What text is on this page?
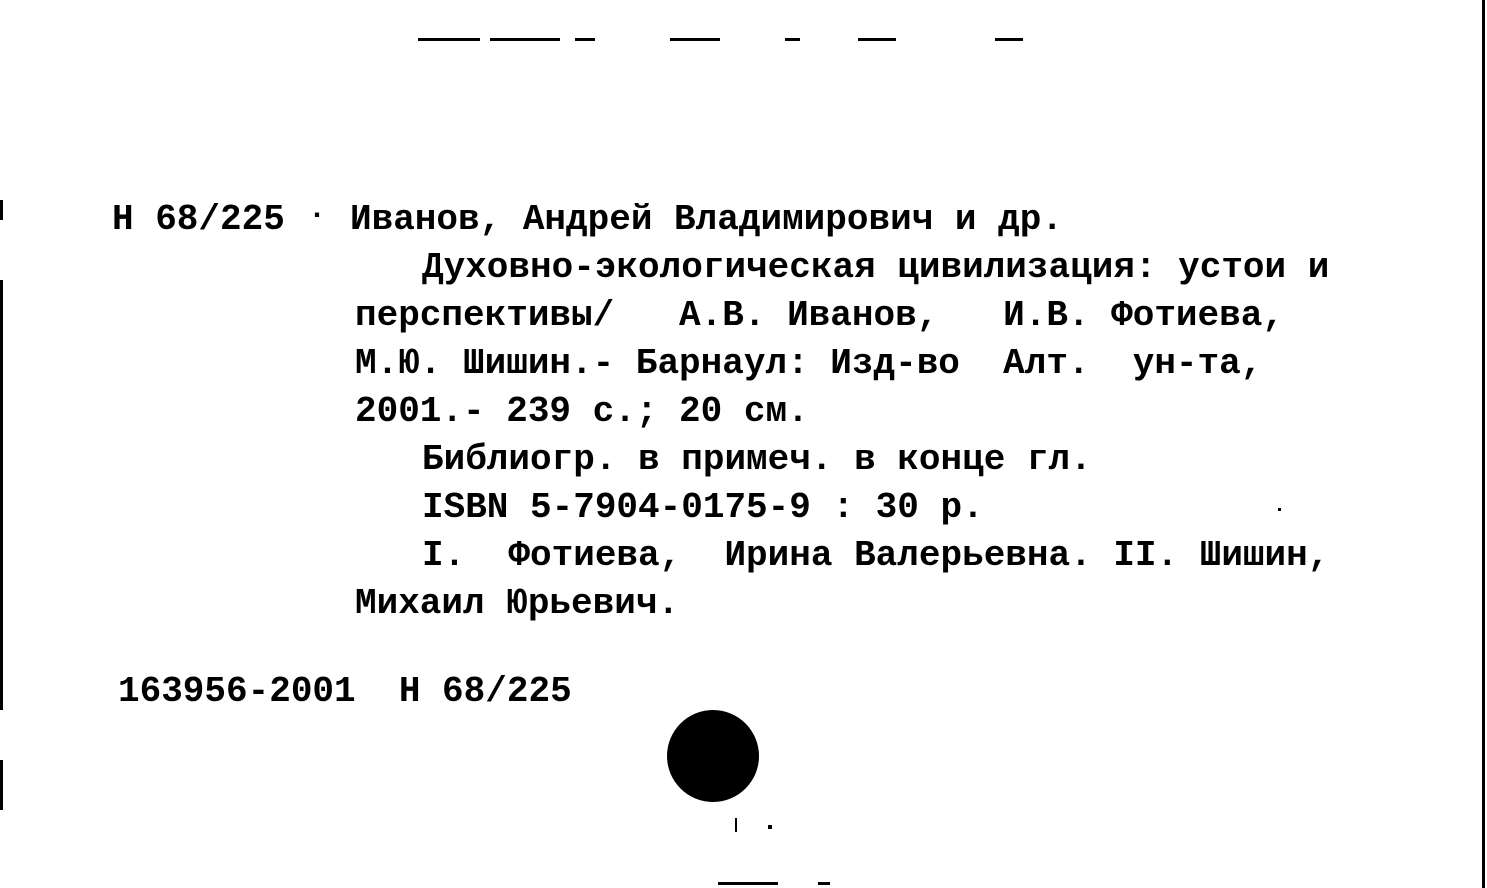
Н 68/225 · Иванов, Андрей Владимирович и др.
Духовно-экологическая цивилизация: устои и
перспективы/   А.В. Иванов,   И.В. Фотиева,
М.Ю. Шишин.- Барнаул: Изд-во  Алт.  ун-та,
2001.- 239 с.; 20 см.
Библиогр. в примеч. в конце гл.
ISBN 5-7904-0175-9 : 30 р.
I.  Фотиева,  Ирина Валерьевна. II. Шишин,
Михаил Юрьевич.
163956-2001  Н 68/225
